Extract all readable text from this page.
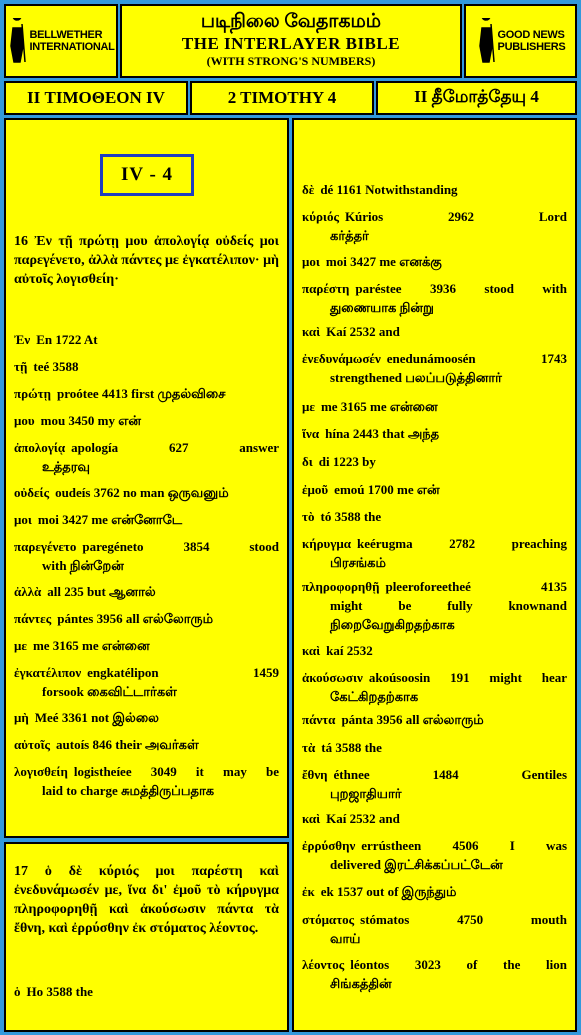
BELLWETHER
INTERNATIONAL
படிநிலை வேதாகமம்
THE INTERLAYER BIBLE
(WITH STRONG'S NUMBERS)
GOOD NEWS
PUBLISHERS
II ΤΙΜΟΘΕΟΝ IV	2 TIMOTHY 4	II தீமோத்தேயு 4
IV - 4
16 Ἐν τῇ πρώτῃ μου ἀπολογίᾳ οὐδείς μοι παρεγένετο, ἀλλὰ πάντες με ἐγκατέλιπον· μὴ αὐτοῖς λογισθείη·
Ἐν En 1722 At
τῇ teé 3588
πρώτῃ proótee 4413 first முதல்விசை
μου mou 3450 my என்
ἀπολογίᾳ apología 627 answer
உத்தரவு
οὐδείς oudeís 3762 no man ஒருவனும்
μοι moi 3427 me என்னோடே
παρεγένετο paregéneto 3854 stood
with நின்றேன்
ἀλλὰ all 235 but ஆனால்
πάντες pántes 3956 all எல்லோரும்
με me 3165 me என்னை
ἐγκατέλιπον engkatélipon 1459
forsook கைவிட்டார்கள்
μὴ Meé 3361 not இல்லை
αὐτοῖς autoís 846 their அவர்கள்
λογισθείη logistheíee 3049 it may be
laid to charge சுமத்திருப்பதாக
17 ὁ δὲ κύριός μοι παρέστη καὶ ἐνεδυνάμωσέν με, ἵνα δι' ἐμοῦ τὸ κήρυγμα πληροφορηθῇ καὶ ἀκούσωσιν πάντα τὰ ἔθνη, καὶ ἐρρύσθην ἐκ στόματος λέοντος.
ὁ Ho 3588 the
δὲ dé 1161 Notwithstanding
κύριός Kúrios 2962 Lord
கர்த்தர்
μοι moi 3427 me எனக்கு
παρέστη paréstee 3936 stood with
துணையாக நின்று
καὶ Kaí 2532 and
ἐνεδυνάμωσέν enedunámoosén 1743
strengthened பலப்படுத்தினார்
με me 3165 me என்னை
ἵνα hína 2443 that அந்த
δι di 1223 by
ἐμοῦ emoú 1700 me என்
τὸ tó 3588 the
κήρυγμα keérugma 2782 preaching
பிரசங்கம்
πληροφορηθῇ pleeroforeetheé 4135
might be fully knownand
நிறைவேறுகிறதற்காக
καὶ kaí 2532
ἀκούσωσιν akoúsoosin 191 might hear
கேட்கிறதற்காக
πάντα pánta 3956 all எல்லாரும்
τὰ tá 3588 the
ἔθνη éthnee 1484 Gentiles
புறஜாதியார்
καὶ Kaí 2532 and
ἐρρύσθην errústheen 4506 I was
delivered இரட்சிக்கப்பட்டேன்
ἐκ ek 1537 out of இருந்தும்
στόματος stómatos 4750 mouth
வாய்
λέοντος léontos 3023 of the lion
சிங்கத்தின்
